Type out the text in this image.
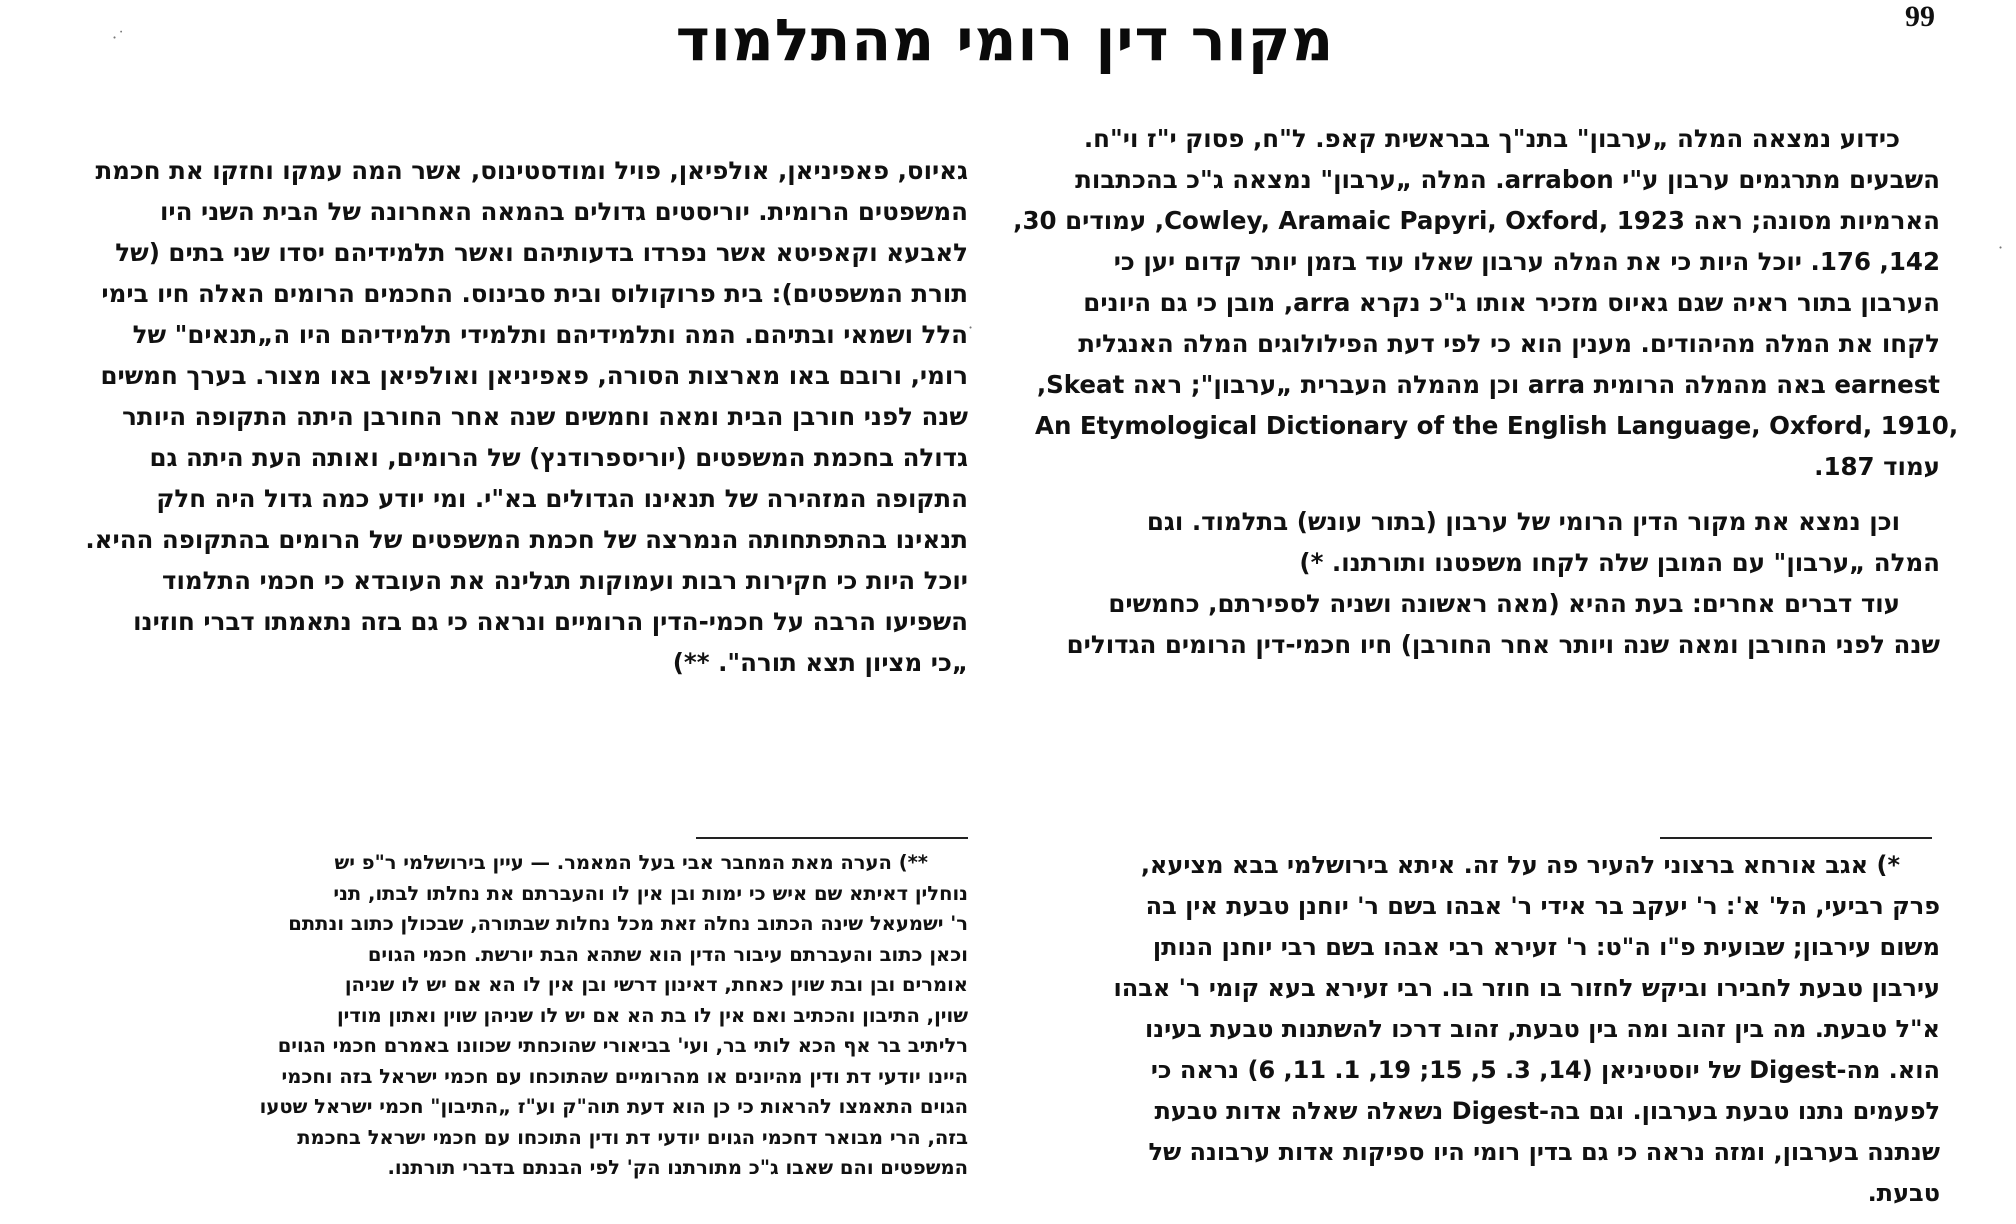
99
·˙
·
·
מקור דין רומי מהתלמוד
כידוע נמצאה המלה „ערבון" בתנ"ך בבראשית קאפ. ל"ח, פסוק י"ז וי"ח.
השבעים מתרגמים ערבון ע"י arrabon. המלה „ערבון" נמצאה ג"כ בהכתבות
הארמיות מסונה; ראה Cowley, Aramaic Papyri, Oxford, 1923, עמודים 30,
142, 176. יוכל היות כי את המלה ערבון שאלו עוד בזמן יותר קדום יען כי
הערבון בתור ראיה שגם גאיוס מזכיר אותו ג"כ נקרא arra, מובן כי גם היונים
לקחו את המלה מהיהודים. מענין הוא כי לפי דעת הפילולוגים המלה האנגלית
earnest באה מהמלה הרומית arra וכן מהמלה העברית „ערבון"; ראה Skeat,
An Etymological Dictionary of the English Language, Oxford, 1910,
עמוד 187.
וכן נמצא את מקור הדין הרומי של ערבון (בתור עונש) בתלמוד. וגם
המלה „ערבון" עם המובן שלה לקחו משפטנו ותורתנו. *)
עוד דברים אחרים: בעת ההיא (מאה ראשונה ושניה לספירתם, כחמשים
שנה לפני החורבן ומאה שנה ויותר אחר החורבן) חיו חכמי-דין הרומים הגדולים
גאיוס, פאפיניאן, אולפיאן, פויל ומודסטינוס, אשר המה עמקו וחזקו את חכמת
המשפטים הרומית. יוריסטים גדולים בהמאה האחרונה של הבית השני היו
לאבעא וקאפיטא אשר נפרדו בדעותיהם ואשר תלמידיהם יסדו שני בתים (של
תורת המשפטים): בית פרוקולוס ובית סבינוס. החכמים הרומים האלה חיו בימי
הלל ושמאי ובתיהם. המה ותלמידיהם ותלמידי תלמידיהם היו ה„תנאים" של
רומי, ורובם באו מארצות הסורה, פאפיניאן ואולפיאן באו מצור. בערך חמשים
שנה לפני חורבן הבית ומאה וחמשים שנה אחר החורבן היתה התקופה היותר
גדולה בחכמת המשפטים (יוריספרודנץ) של הרומים, ואותה העת היתה גם
התקופה המזהירה של תנאינו הגדולים בא"י. ומי יודע כמה גדול היה חלק
תנאינו בהתפתחותה הנמרצה של חכמת המשפטים של הרומים בהתקופה ההיא.
יוכל היות כי חקירות רבות ועמוקות תגלינה את העובדא כי חכמי התלמוד
השפיעו הרבה על חכמי-הדין הרומיים ונראה כי גם בזה נתאמתו דברי חוזינו
„כי מציון תצא תורה". **)
*) אגב אורחא ברצוני להעיר פה על זה. איתא בירושלמי בבא מציעא,
פרק רביעי, הל' א': ר' יעקב בר אידי ר' אבהו בשם ר' יוחנן טבעת אין בה
משום עירבון; שבועית פ"ו ה"ט: ר' זעירא רבי אבהו בשם רבי יוחנן הנותן
עירבון טבעת לחבירו וביקש לחזור בו חוזר בו. רבי זעירא בעא קומי ר' אבהו
א"ל טבעת. מה בין זהוב ומה בין טבעת, זהוב דרכו להשתנות טבעת בעינו
הוא. מה-Digest של יוסטיניאן (14, 3. 5, 15; 19, 1. 11, 6) נראה כי
לפעמים נתנו טבעת בערבון. וגם בה-Digest נשאלה שאלה אדות טבעת
שנתנה בערבון, ומזה נראה כי גם בדין רומי היו ספיקות אדות ערבונה של
טבעת.
**) הערה מאת המחבר אבי בעל המאמר. — עיין בירושלמי ר"פ יש
נוחלין דאיתא שם איש כי ימות ובן אין לו והעברתם את נחלתו לבתו, תני
ר' ישמעאל שינה הכתוב נחלה זאת מכל נחלות שבתורה, שבכולן כתוב ונתתם
וכאן כתוב והעברתם עיבור הדין הוא שתהא הבת יורשת. חכמי הגוים
אומרים ובן ובת שוין כאחת, דאינון דרשי ובן אין לו הא אם יש לו שניהן
שוין, התיבון והכתיב ואם אין לו בת הא אם יש לו שניהן שוין ואתון מודין
רליתיב בר אף הכא לותי בר, ועי' בביאורי שהוכחתי שכוונו באמרם חכמי הגוים
היינו יודעי דת ודין מהיונים או מהרומיים שהתוכחו עם חכמי ישראל בזה וחכמי
הגוים התאמצו להראות כי כן הוא דעת תוה"ק וע"ז „התיבון" חכמי ישראל שטעו
בזה, הרי מבואר דחכמי הגוים יודעי דת ודין התוכחו עם חכמי ישראל בחכמת
המשפטים והם שאבו ג"כ מתורתנו הק' לפי הבנתם בדברי תורתנו.
